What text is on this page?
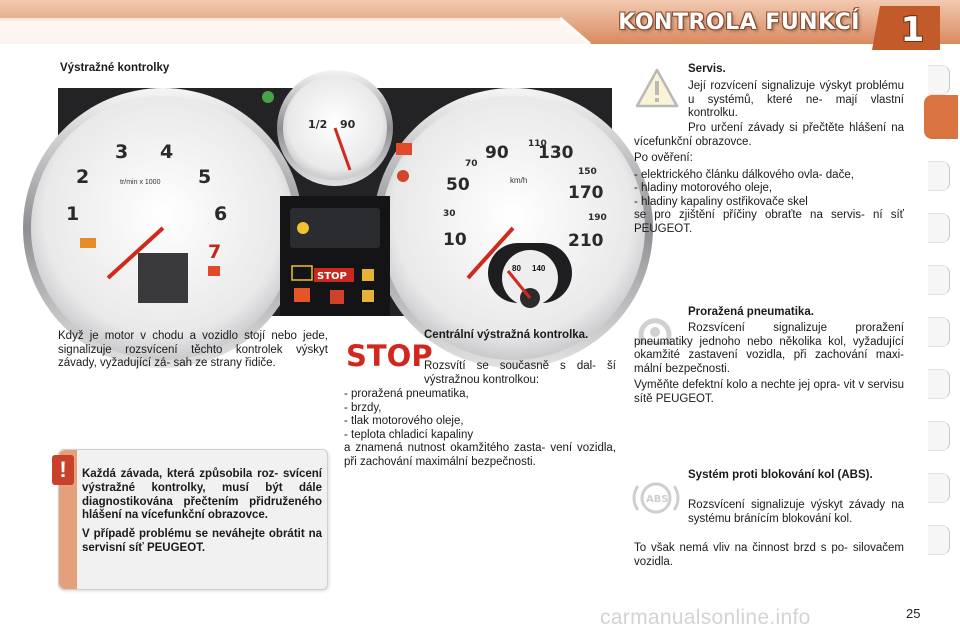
KONTROLA FUNKCÍ	1
Výstražné kontrolky
80 140
1
2
3 4
5
6
7
tr/min x 1000
1/2 90
10
30
50
70
90 110
130
150
170
190
210
km/h
STOP
Když je motor v chodu a vozidlo stojí nebo jede, signalizuje rozsvícení těchto kontrolek výskyt závady, vyžadující zá- sah ze strany řidiče.
!	Každá závada, která způsobila roz- svícení výstražné kontrolky, musí být dále diagnostikována přečtením přidruženého hlášení na vícefunkční obrazovce.

V případě problému se neváhejte obrátit na servisní síť PEUGEOT.

STOP
Centrální výstražná kontrolka.
Rozsvítí se současně s dal- ší výstražnou kontrolkou:
- proražená pneumatika,
- brzdy,
- tlak motorového oleje,
- teplota chladicí kapaliny

a znamená nutnost okamžitého zasta- vení vozidla, při zachování maximální bezpečnosti.

Servis.
Její rozvícení signalizuje výskyt problému u systémů, které ne- mají vlastní kontrolku.

Pro určení závady si přečtěte hlášení na vícefunkční obrazovce.

Po ověření:

- elektrického článku dálkového ovla- dače,
- hladiny motorového oleje,
- hladiny kapaliny ostřikovače skel

se pro zjištění příčiny obraťte na servis- ní síť PEUGEOT.

Proražená pneumatika.

Rozsvícení signalizuje proražení pneumatiky jednoho nebo několika kol, vyžadující okamžité zastavení vozidla, při zachování maxi- mální bezpečnosti.

Vyměňte defektní kolo a nechte jej opra- vit v servisu sítě PEUGEOT.

ABS
Systém proti blokování kol (ABS).
Rozsvícení signalizuje výskyt závady na systému bránícím blokování kol.
To však nemá vliv na činnost brzd s po- silovačem vozidla.
carmanualsonline.info	25
